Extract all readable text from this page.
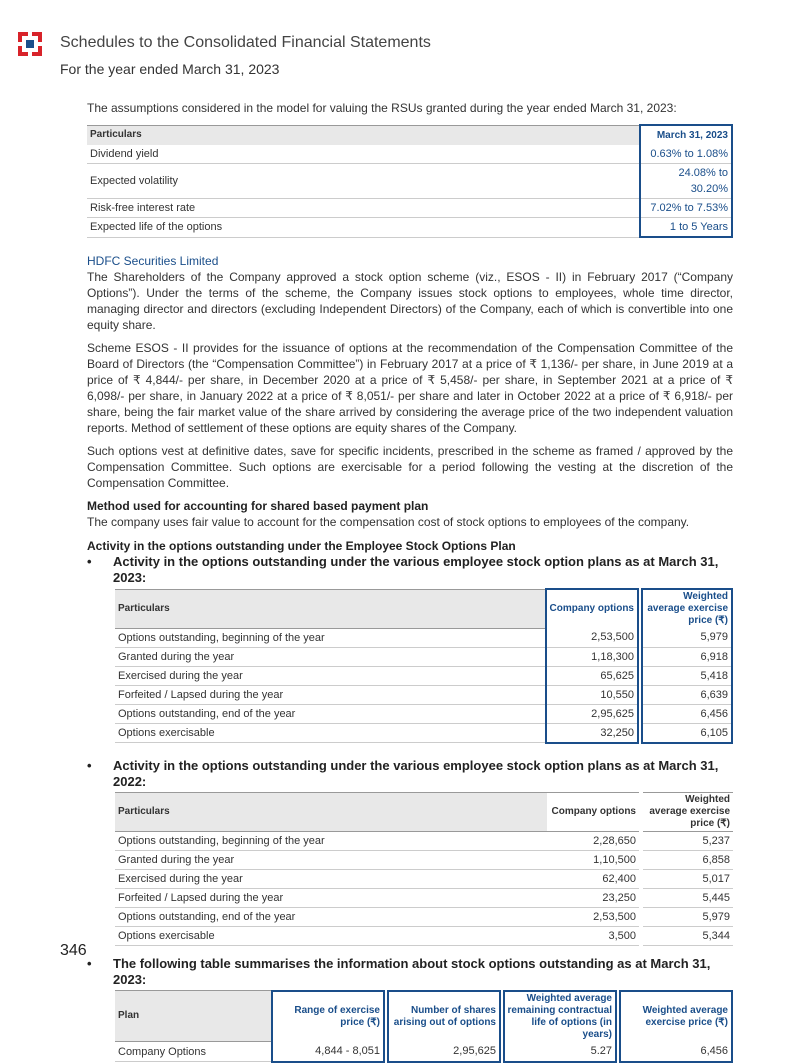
Schedules to the Consolidated Financial Statements
For the year ended March 31, 2023
The assumptions considered in the model for valuing the RSUs granted during the year ended March 31, 2023:
Particulars	March 31, 2023
Dividend yield	0.63% to 1.08%
Expected volatility	24.08% to 30.20%
Risk-free interest rate	7.02% to 7.53%
Expected life of the options	1 to 5 Years
HDFC Securities Limited

The Shareholders of the Company approved a stock option scheme (viz., ESOS - II) in February 2017 (“Company Options”). Under the terms of the scheme, the Company issues stock options to employees, whole time director, managing director and directors (excluding Independent Directors) of the Company, each of which is convertible into one equity share.

Scheme ESOS - II provides for the issuance of options at the recommendation of the Compensation Committee of the Board of Directors (the “Compensation Committee”) in February 2017 at a price of ₹ 1,136/- per share, in June 2019 at a price of ₹ 4,844/- per share, in December 2020 at a price of ₹ 5,458/- per share, in September 2021 at a price of ₹ 6,098/- per share, in January 2022 at a price of ₹ 8,051/- per share and later in October 2022 at a price of ₹ 6,918/- per share, being the fair market value of the share arrived by considering the average price of the two independent valuation reports. Method of settlement of these options are equity shares of the Company.

Such options vest at definitive dates, save for specific incidents, prescribed in the scheme as framed / approved by the Compensation Committee. Such options are exercisable for a period following the vesting at the discretion of the Compensation Committee.

Method used for accounting for shared based payment plan

The company uses fair value to account for the compensation cost of stock options to employees of the company.

Activity in the options outstanding under the Employee Stock Options Plan
• Activity in the options outstanding under the various employee stock option plans as at March 31, 2023:
Particulars	Company options		Weighted average exercise price (₹)
Options outstanding, beginning of the year	2,53,500		5,979
Granted during the year	1,18,300		6,918
Exercised during the year	65,625		5,418
Forfeited / Lapsed during the year	10,550		6,639
Options outstanding, end of the year	2,95,625		6,456
Options exercisable	32,250		6,105
• Activity in the options outstanding under the various employee stock option plans as at March 31, 2022:
Particulars	Company options		Weighted average exercise price (₹)
Options outstanding, beginning of the year	2,28,650		5,237
Granted during the year	1,10,500		6,858
Exercised during the year	62,400		5,017
Forfeited / Lapsed during the year	23,250		5,445
Options outstanding, end of the year	2,53,500		5,979
Options exercisable	3,500		5,344
• The following table summarises the information about stock options outstanding as at March 31, 2023:
Plan	Range of exercise price (₹)		Number of shares arising out of options		Weighted average remaining contractual life of options (in years)		Weighted average exercise price (₹)
Company Options	4,844 - 8,051		2,95,625		5.27		6,456
346
